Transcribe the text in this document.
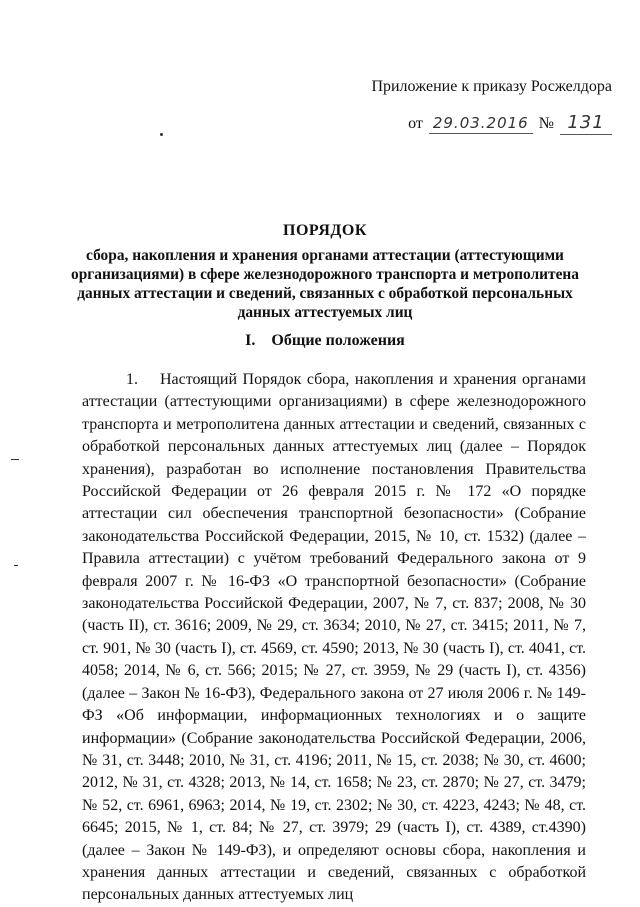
Приложение к приказу Росжелдора
от 29.03.2016 № 131
ПОРЯДОК
сбора, накопления и хранения органами аттестации (аттестующими организациями) в сфере железнодорожного транспорта и метрополитена данных аттестации и сведений, связанных с обработкой персональных данных аттестуемых лиц
I.    Общие положения
1.    Настоящий Порядок сбора, накопления и хранения органами аттестации (аттестующими организациями) в сфере железнодорожного транспорта и метрополитена данных аттестации и сведений, связанных с обработкой персональных данных аттестуемых лиц (далее – Порядок хранения), разработан во исполнение постановления Правительства Российской Федерации от 26 февраля 2015 г. № 172 «О порядке аттестации сил обеспечения транспортной безопасности» (Собрание законодательства Российской Федерации, 2015, № 10, ст. 1532) (далее – Правила аттестации) с учётом требований Федерального закона от 9 февраля 2007 г. № 16-ФЗ «О транспортной безопасности» (Собрание законодательства Российской Федерации, 2007, № 7, ст. 837; 2008, № 30 (часть II), ст. 3616; 2009, № 29, ст. 3634; 2010, № 27, ст. 3415; 2011, № 7, ст. 901, № 30 (часть I), ст. 4569, ст. 4590; 2013, № 30 (часть I), ст. 4041, ст. 4058; 2014, № 6, ст. 566; 2015; № 27, ст. 3959, № 29 (часть I), ст. 4356) (далее – Закон № 16-ФЗ), Федерального закона от 27 июля 2006 г. № 149-ФЗ «Об информации, информационных технологиях и о защите информации» (Собрание законодательства Российской Федерации, 2006, № 31, ст. 3448; 2010, № 31, ст. 4196; 2011, № 15, ст. 2038; № 30, ст. 4600; 2012, № 31, ст. 4328; 2013, № 14, ст. 1658; № 23, ст. 2870; № 27, ст. 3479; № 52, ст. 6961, 6963; 2014, № 19, ст. 2302; № 30, ст. 4223, 4243; № 48, ст. 6645; 2015, № 1, ст. 84; № 27, ст. 3979; 29 (часть I), ст. 4389, ст.4390) (далее – Закон № 149-ФЗ), и определяют основы сбора, накопления и хранения данных аттестации и сведений, связанных с обработкой персональных данных аттестуемых лиц
